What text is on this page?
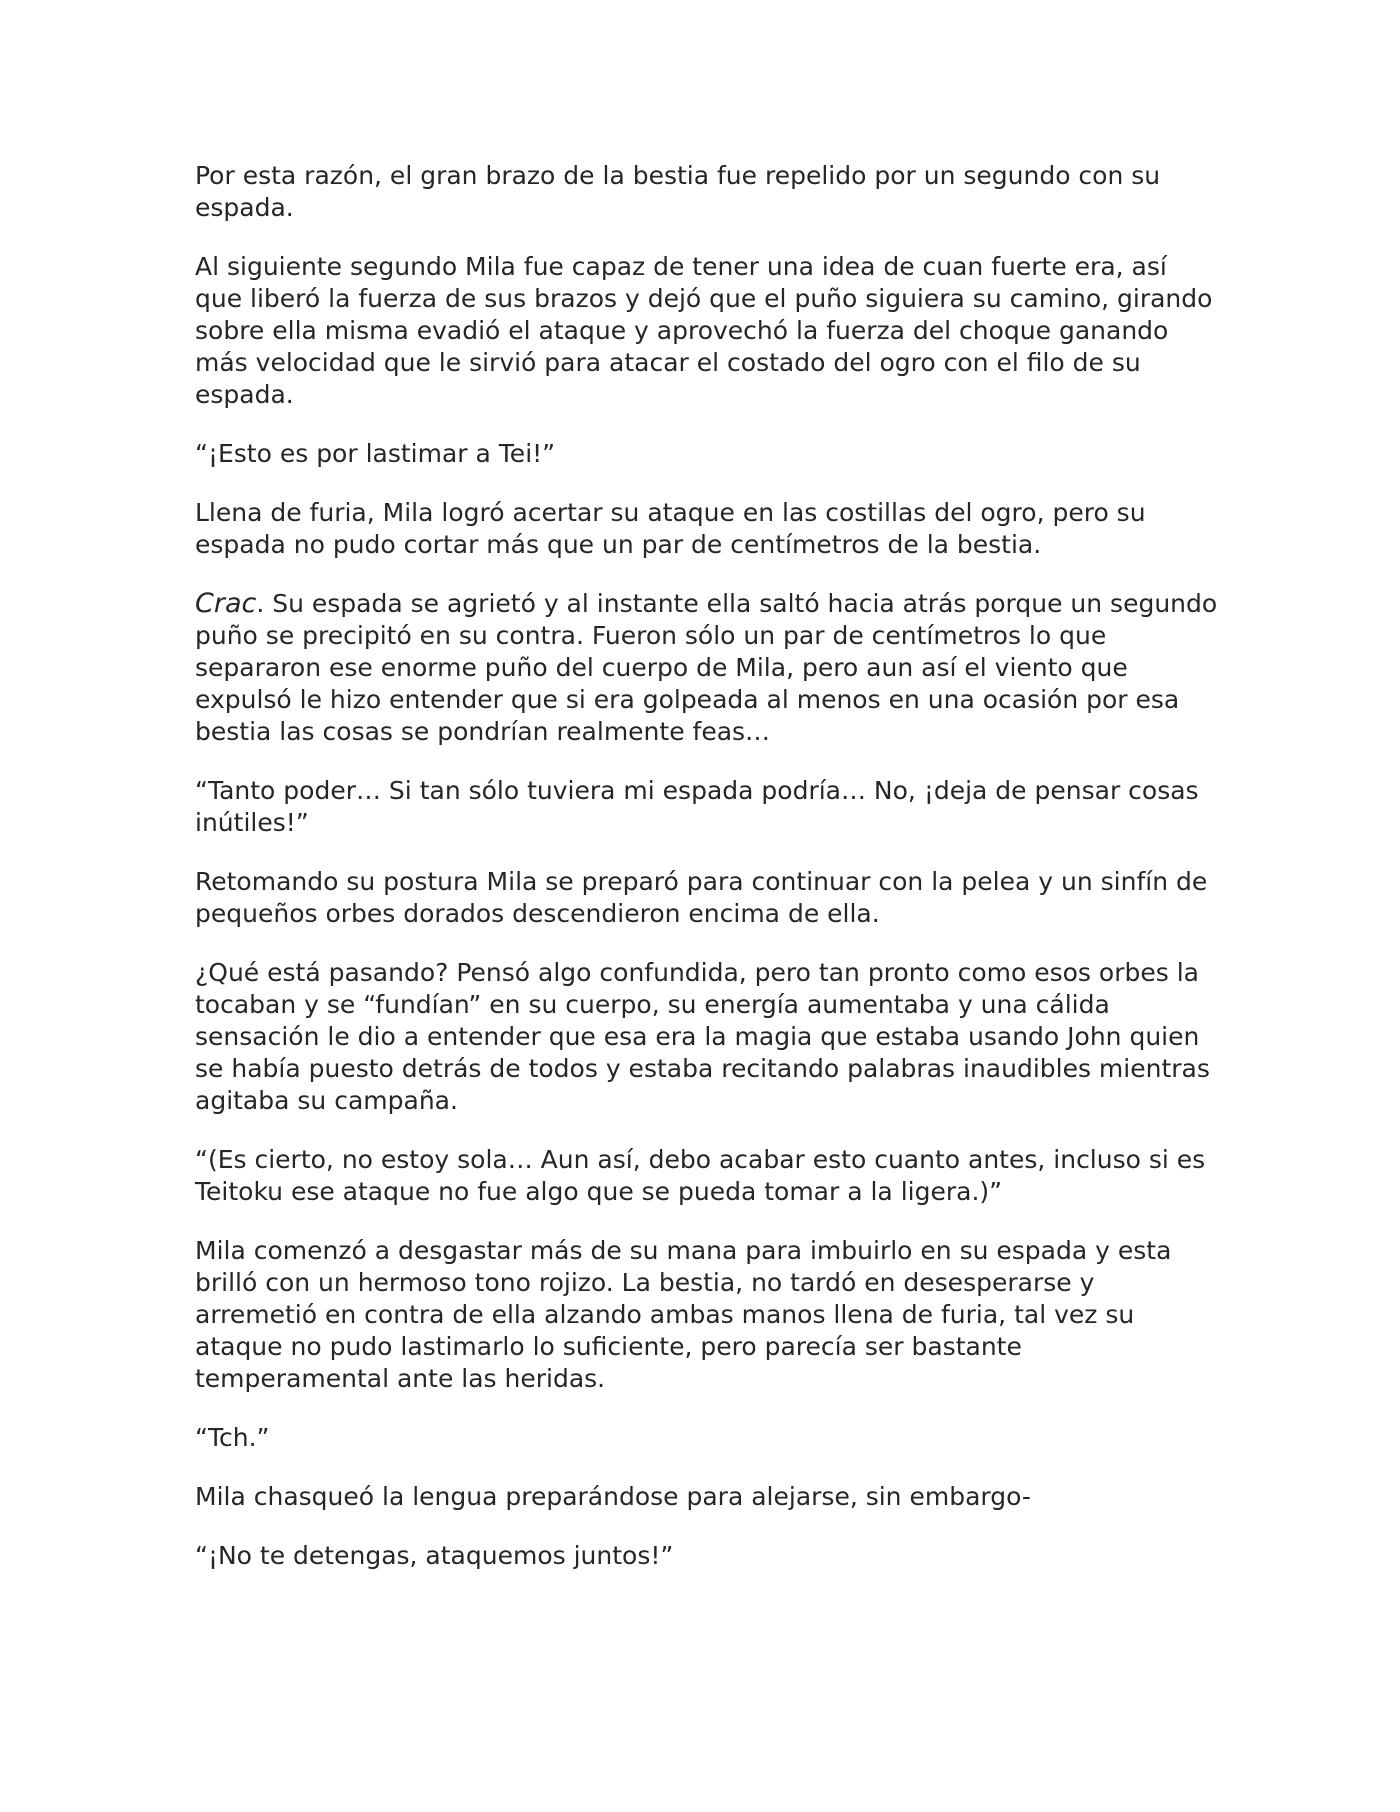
Por esta razón, el gran brazo de la bestia fue repelido por un segundo con su espada.

Al siguiente segundo Mila fue capaz de tener una idea de cuan fuerte era, así que liberó la fuerza de sus brazos y dejó que el puño siguiera su camino, girando sobre ella misma evadió el ataque y aprovechó la fuerza del choque ganando más velocidad que le sirvió para atacar el costado del ogro con el filo de su espada.

“¡Esto es por lastimar a Tei!”

Llena de furia, Mila logró acertar su ataque en las costillas del ogro, pero su espada no pudo cortar más que un par de centímetros de la bestia.

Crac. Su espada se agrietó y al instante ella saltó hacia atrás porque un segundo puño se precipitó en su contra. Fueron sólo un par de centímetros lo que separaron ese enorme puño del cuerpo de Mila, pero aun así el viento que expulsó le hizo entender que si era golpeada al menos en una ocasión por esa bestia las cosas se pondrían realmente feas…

“Tanto poder… Si tan sólo tuviera mi espada podría… No, ¡deja de pensar cosas inútiles!”

Retomando su postura Mila se preparó para continuar con la pelea y un sinfín de pequeños orbes dorados descendieron encima de ella.

¿Qué está pasando? Pensó algo confundida, pero tan pronto como esos orbes la tocaban y se “fundían” en su cuerpo, su energía aumentaba y una cálida sensación le dio a entender que esa era la magia que estaba usando John quien se había puesto detrás de todos y estaba recitando palabras inaudibles mientras agitaba su campaña.

“(Es cierto, no estoy sola… Aun así, debo acabar esto cuanto antes, incluso si es Teitoku ese ataque no fue algo que se pueda tomar a la ligera.)”

Mila comenzó a desgastar más de su mana para imbuirlo en su espada y esta brilló con un hermoso tono rojizo. La bestia, no tardó en desesperarse y arremetió en contra de ella alzando ambas manos llena de furia, tal vez su ataque no pudo lastimarlo lo suficiente, pero parecía ser bastante temperamental ante las heridas.

“Tch.”

Mila chasqueó la lengua preparándose para alejarse, sin embargo-

“¡No te detengas, ataquemos juntos!”
